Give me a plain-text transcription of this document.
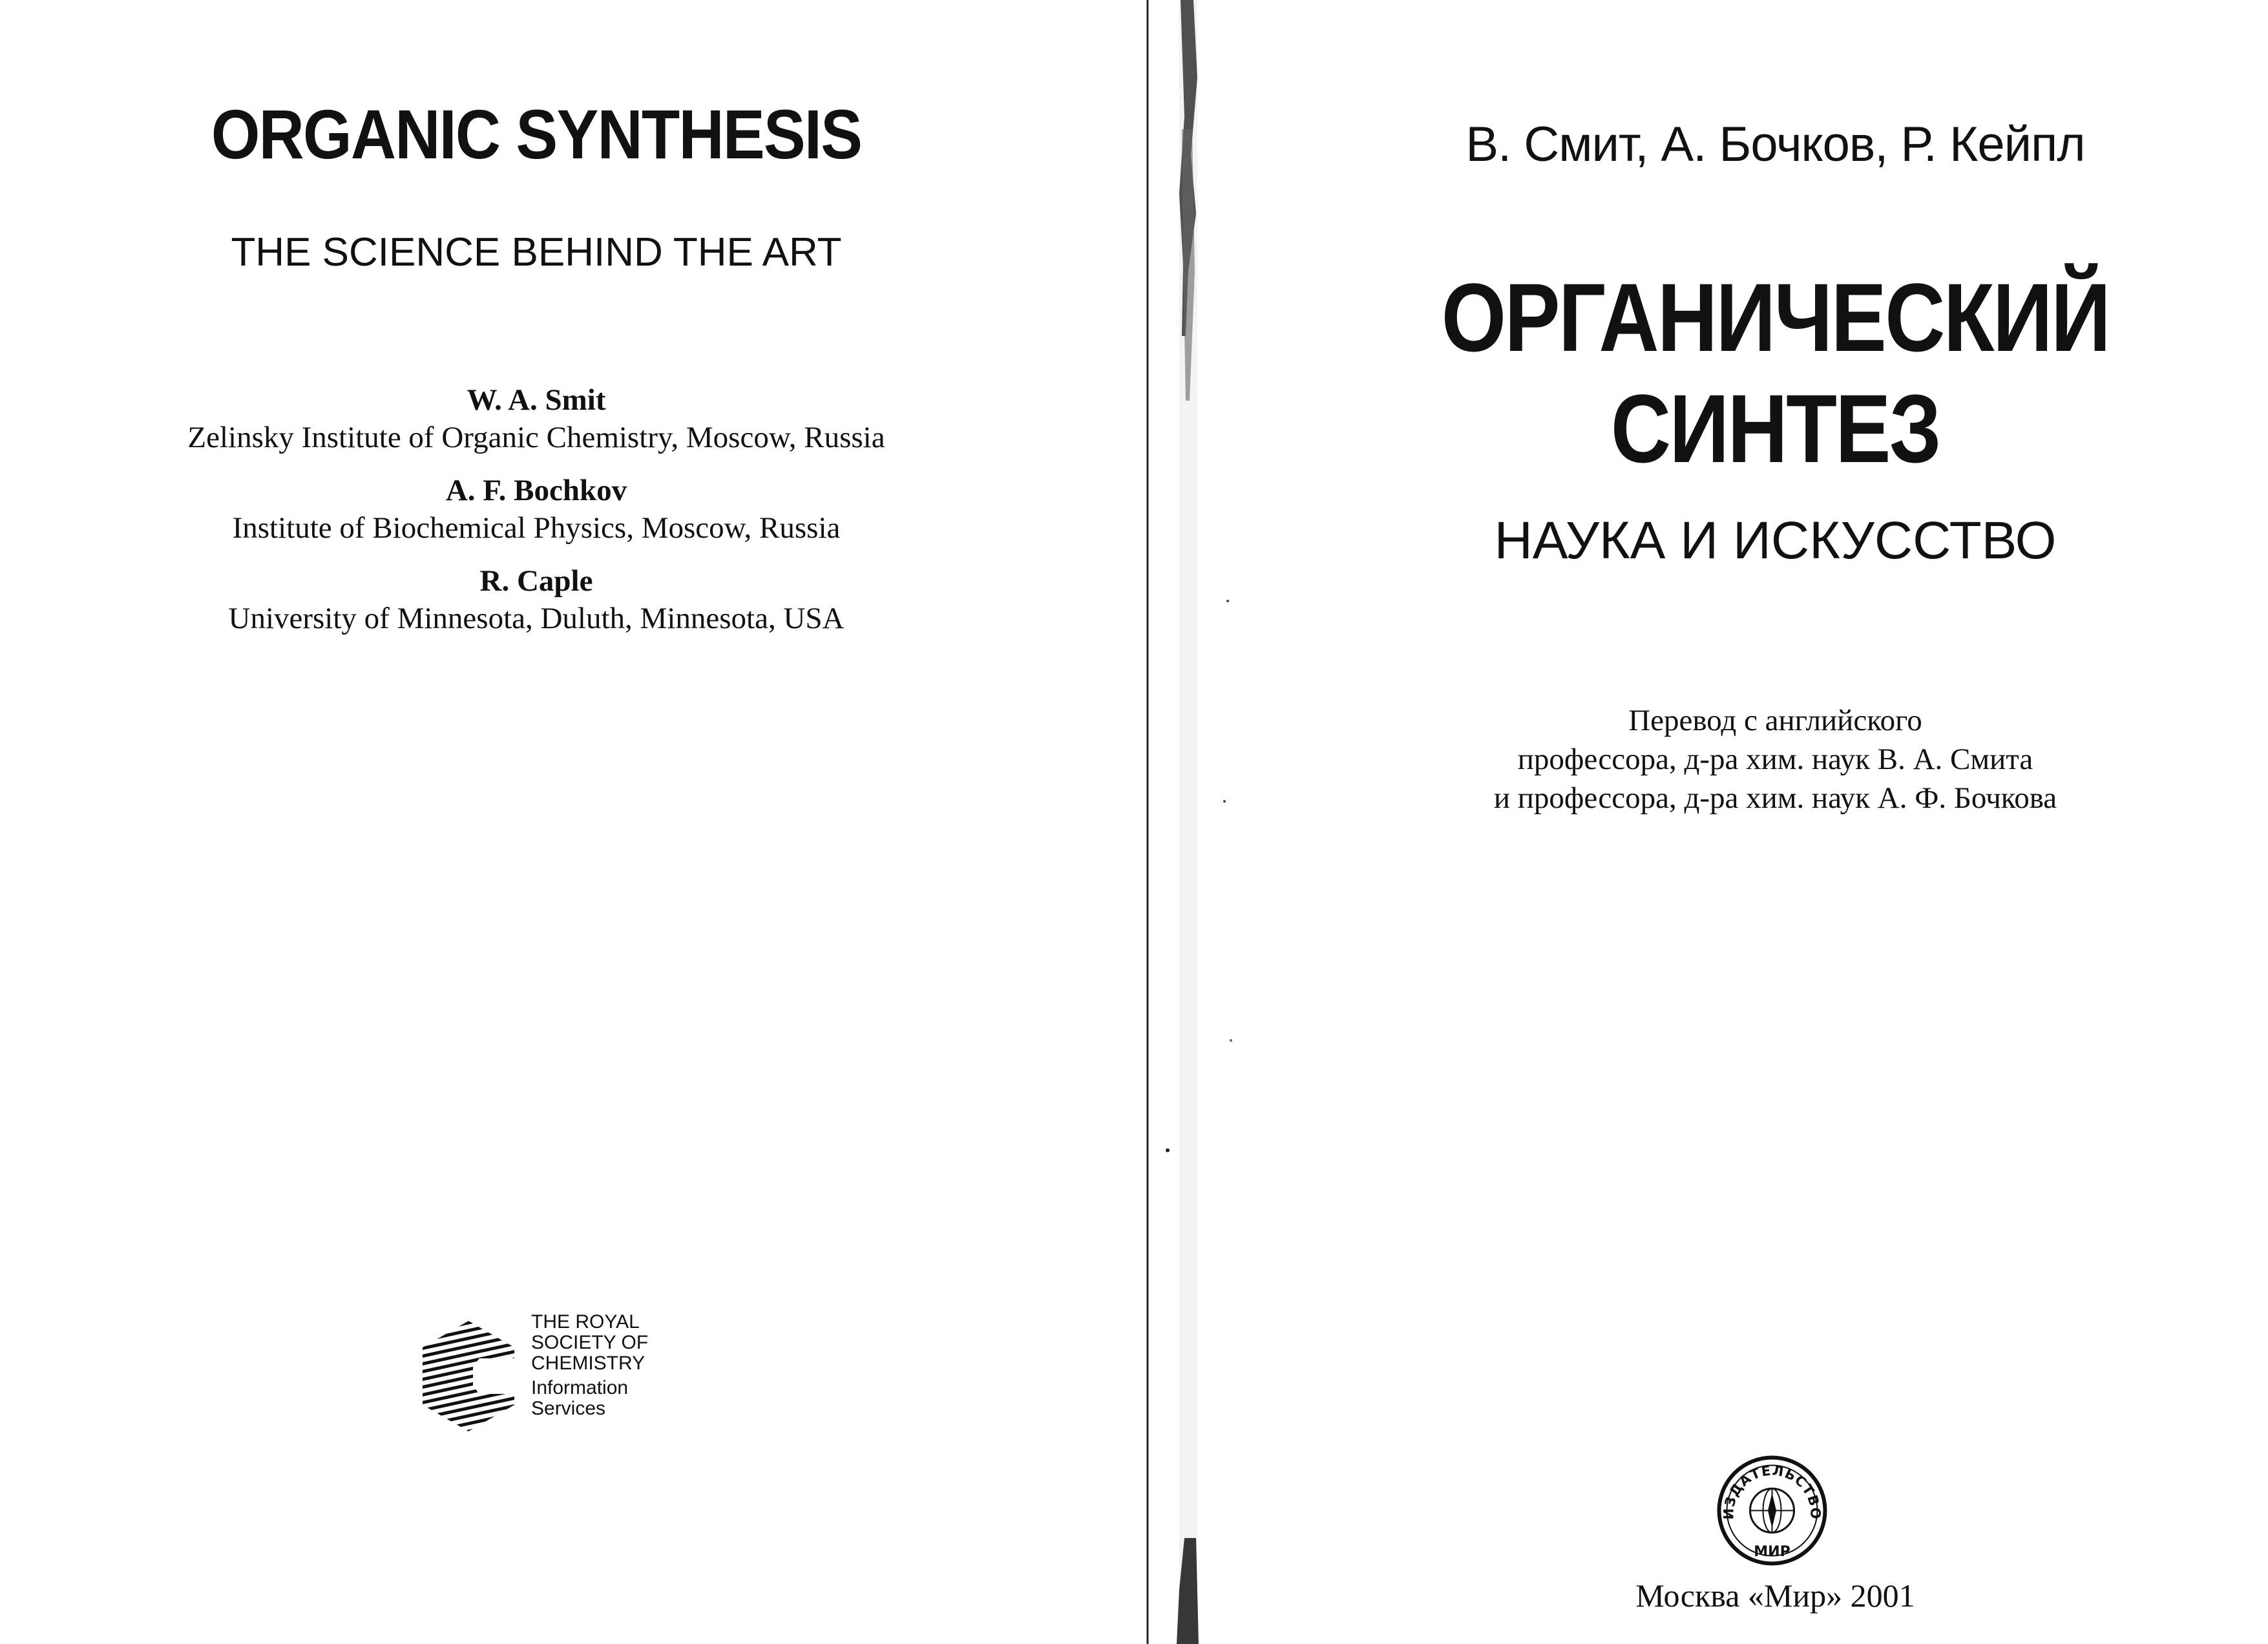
ORGANIC SYNTHESIS
THE SCIENCE BEHIND THE ART
W. A. Smit
Zelinsky Institute of Organic Chemistry, Moscow, Russia
A. F. Bochkov
Institute of Biochemical Physics, Moscow, Russia
R. Caple
University of Minnesota, Duluth, Minnesota, USA
THE ROYAL
SOCIETY OF
CHEMISTRY
Information
Services
В. Смит, А. Бочков, Р. Кейпл
ОРГАНИЧЕСКИЙ
СИНТЕЗ
НАУКА И ИСКУССТВО
Перевод с английского
профессора, д-ра хим. наук В. А. Смита
и профессора, д-ра хим. наук А. Ф. Бочкова
ИЗДАТЕЛЬСТВО
МИР
Москва «Мир» 2001
